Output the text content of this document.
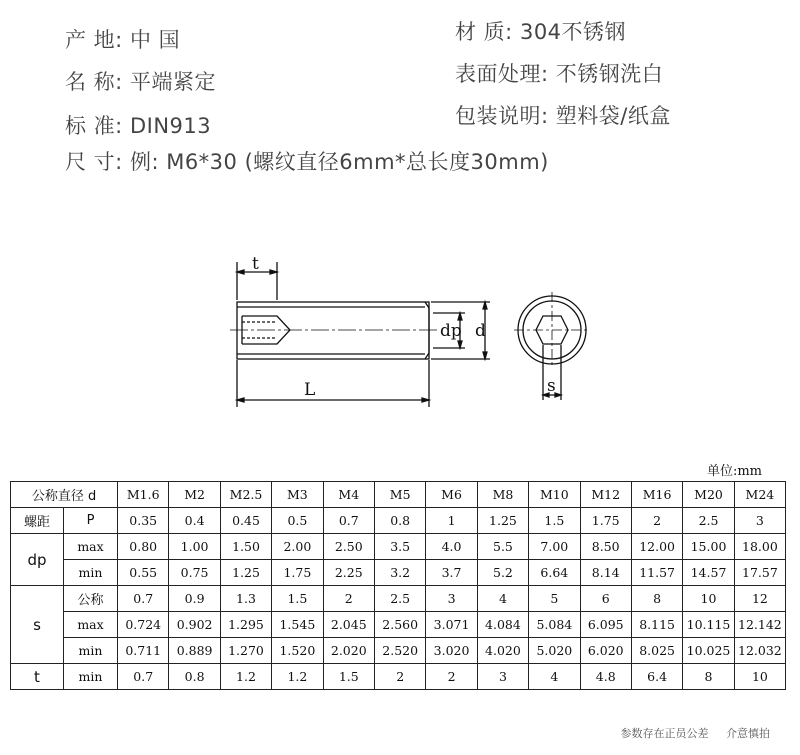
产 地: 中 国	材 质: 304不锈钢
名 称: 平端紧定	表面处理: 不锈钢洗白
标 准: DIN913	包装说明: 塑料袋/纸盒
尺 寸: 例: M6*30 (螺纹直径6mm*总长度30mm)
t
dp d
L	s
单位:mm
公称直径 d		M1.6	M2	M2.5	M3	M4	M5	M6	M8	M10	M12	M16	M20	M24
螺距	P	0.35	0.4	0.45	0.5	0.7	0.8	1	1.25	1.5	1.75	2	2.5	3
dp	max	0.80	1.00	1.50	2.00	2.50	3.5	4.0	5.5	7.00	8.50	12.00	15.00	18.00
	min	0.55	0.75	1.25	1.75	2.25	3.2	3.7	5.2	6.64	8.14	11.57	14.57	17.57
s	公称	0.7	0.9	1.3	1.5	2	2.5	3	4	5	6	8	10	12
	max	0.724	0.902	1.295	1.545	2.045	2.560	3.071	4.084	5.084	6.095	8.115	10.115	12.142
	min	0.711	0.889	1.270	1.520	2.020	2.520	3.020	4.020	5.020	6.020	8.025	10.025	12.032
t	min	0.7	0.8	1.2	1.2	1.5	2	2	3	4	4.8	6.4	8	10
参数存在正员公差 介意慎拍
